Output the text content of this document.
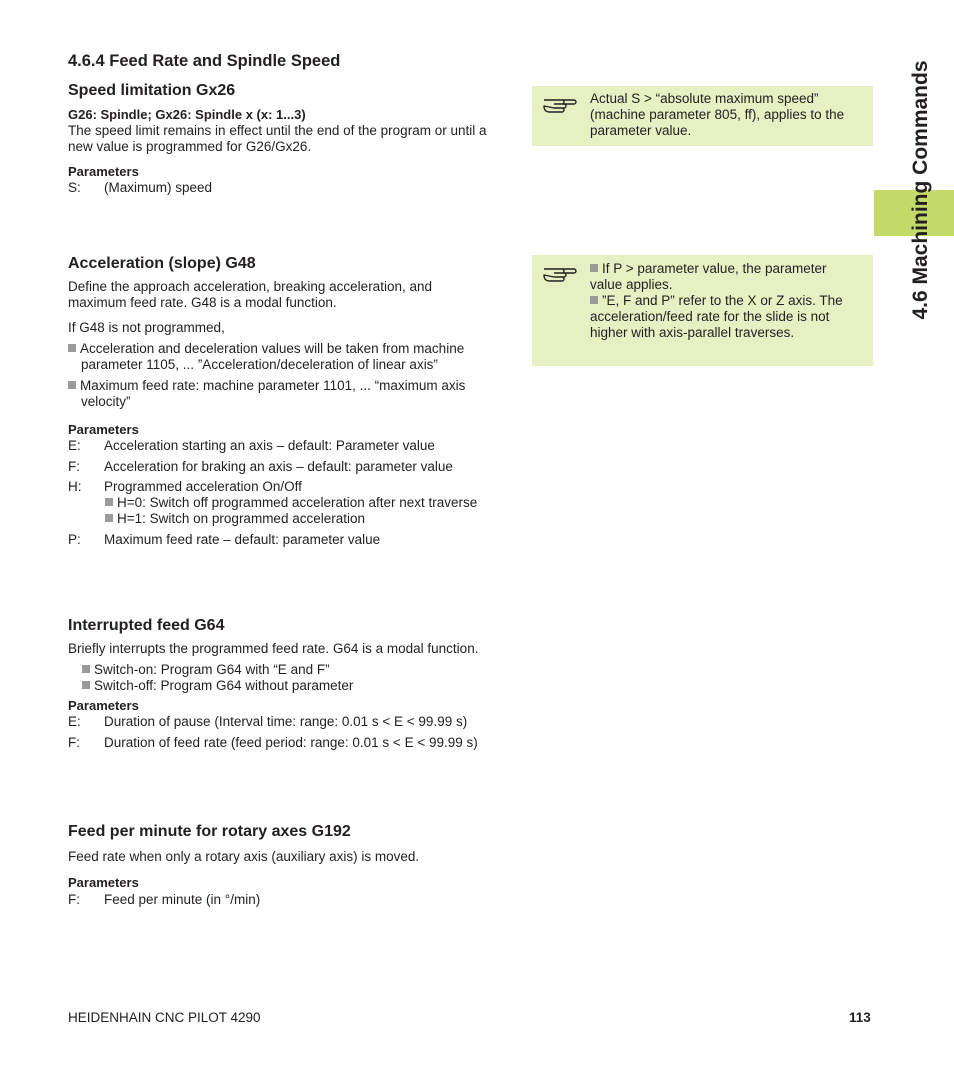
4.6 Machining Commands
4.6.4 Feed Rate and Spindle Speed
Speed limitation Gx26
G26: Spindle; Gx26: Spindle x (x: 1...3)
The speed limit remains in effect until the end of the program or until a
new value is programmed for G26/Gx26.
Parameters
S: (Maximum) speed
Actual S > “absolute maximum speed”
(machine parameter 805, ff), applies to the
parameter value.
Acceleration (slope) G48
Define the approach acceleration, breaking acceleration, and
maximum feed rate. G48 is a modal function.
If G48 is not programmed,
Acceleration and deceleration values will be taken from machine
parameter 1105, ... ”Acceleration/deceleration of linear axis”
Maximum feed rate: machine parameter 1101, ... “maximum axis
velocity”
Parameters
E: Acceleration starting an axis – default: Parameter value
F: Acceleration for braking an axis – default: parameter value
H: Programmed acceleration On/Off
H=0: Switch off programmed acceleration after next traverse
H=1: Switch on programmed acceleration
P: Maximum feed rate – default: parameter value
If P > parameter value, the parameter
value applies.
”E, F and P” refer to the X or Z axis. The
acceleration/feed rate for the slide is not
higher with axis-parallel traverses.
Interrupted feed G64
Briefly interrupts the programmed feed rate. G64 is a modal function.
Switch-on: Program G64 with “E and F”
Switch-off: Program G64 without parameter
Parameters
E: Duration of pause (Interval time: range: 0.01 s < E < 99.99 s)
F: Duration of feed rate (feed period: range: 0.01 s < E < 99.99 s)
Feed per minute for rotary axes G192
Feed rate when only a rotary axis (auxiliary axis) is moved.
Parameters
F: Feed per minute (in °/min)
HEIDENHAIN CNC PILOT 4290	113
